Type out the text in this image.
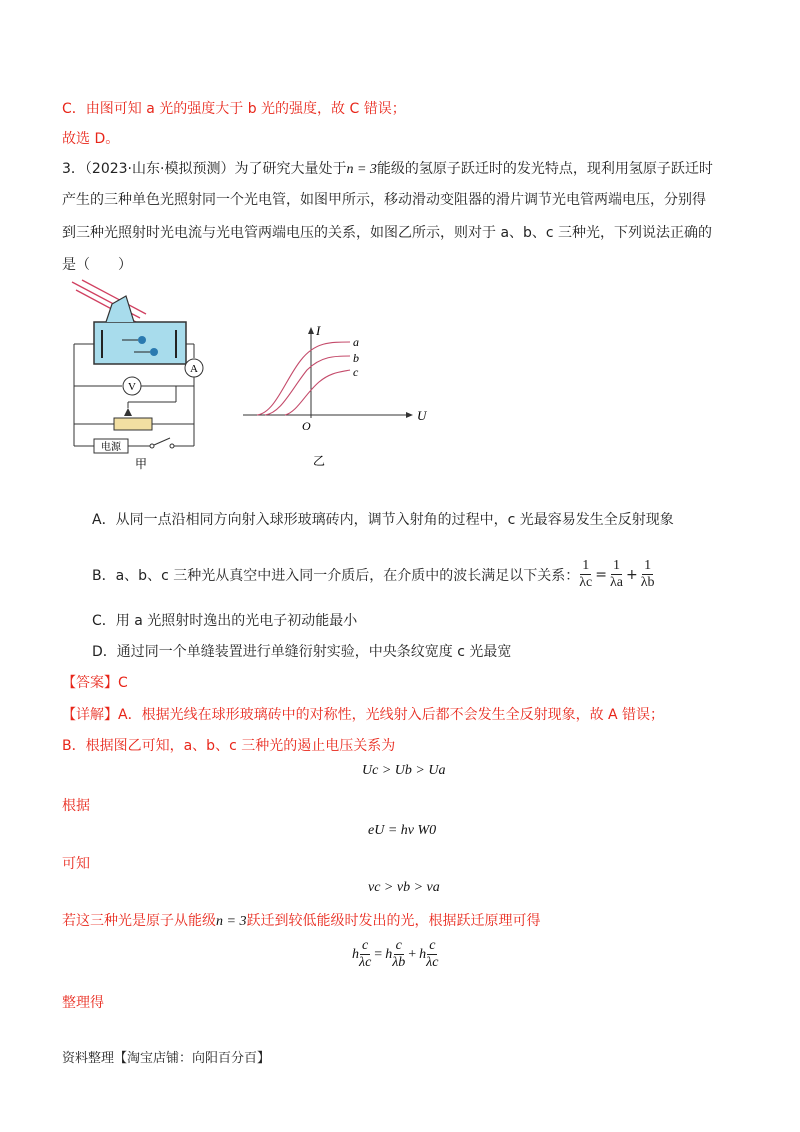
C．由图可知 a 光的强度大于 b 光的强度，故 C 错误；
故选 D。
3．（2023·山东·模拟预测）为了研究大量处于n = 3能级的氢原子跃迁时的发光特点，现利用氢原子跃迁时
产生的三种单色光照射同一个光电管，如图甲所示，移动滑动变阻器的滑片调节光电管两端电压，分别得
到三种光照射时光电流与光电管两端电压的关系，如图乙所示，则对于 a、b、c 三种光，下列说法正确的
是（　　）
A
V
电源
甲
I
U
O
a
b
c
乙
A．从同一点沿相同方向射入球形玻璃砖内，调节入射角的过程中，c 光最容易发生全反射现象
B．a、b、c 三种光从真空中进入同一介质后，在介质中的波长满足以下关系： $\frac{1}{\lambda c} = \frac{1}{\lambda a} + \frac{1}{\lambda b}$
C．用 a 光照射时逸出的光电子初动能最小
D．通过同一个单缝装置进行单缝衍射实验，中央条纹宽度 c 光最宽
【答案】C
【详解】A．根据光线在球形玻璃砖中的对称性，光线射入后都不会发生全反射现象，故 A 错误；
B．根据图乙可知，a、b、c 三种光的遏止电压关系为
Uc > Ub > Ua
根据
eU = hν W0
可知
νc > νb > νa
若这三种光是原子从能级n = 3跃迁到较低能级时发出的光，根据跃迁原理可得
h $\frac{c}{\lambda c} = h \frac{c}{\lambda b} + h \frac{c}{\lambda c}$
整理得
资料整理【淘宝店铺：向阳百分百】
